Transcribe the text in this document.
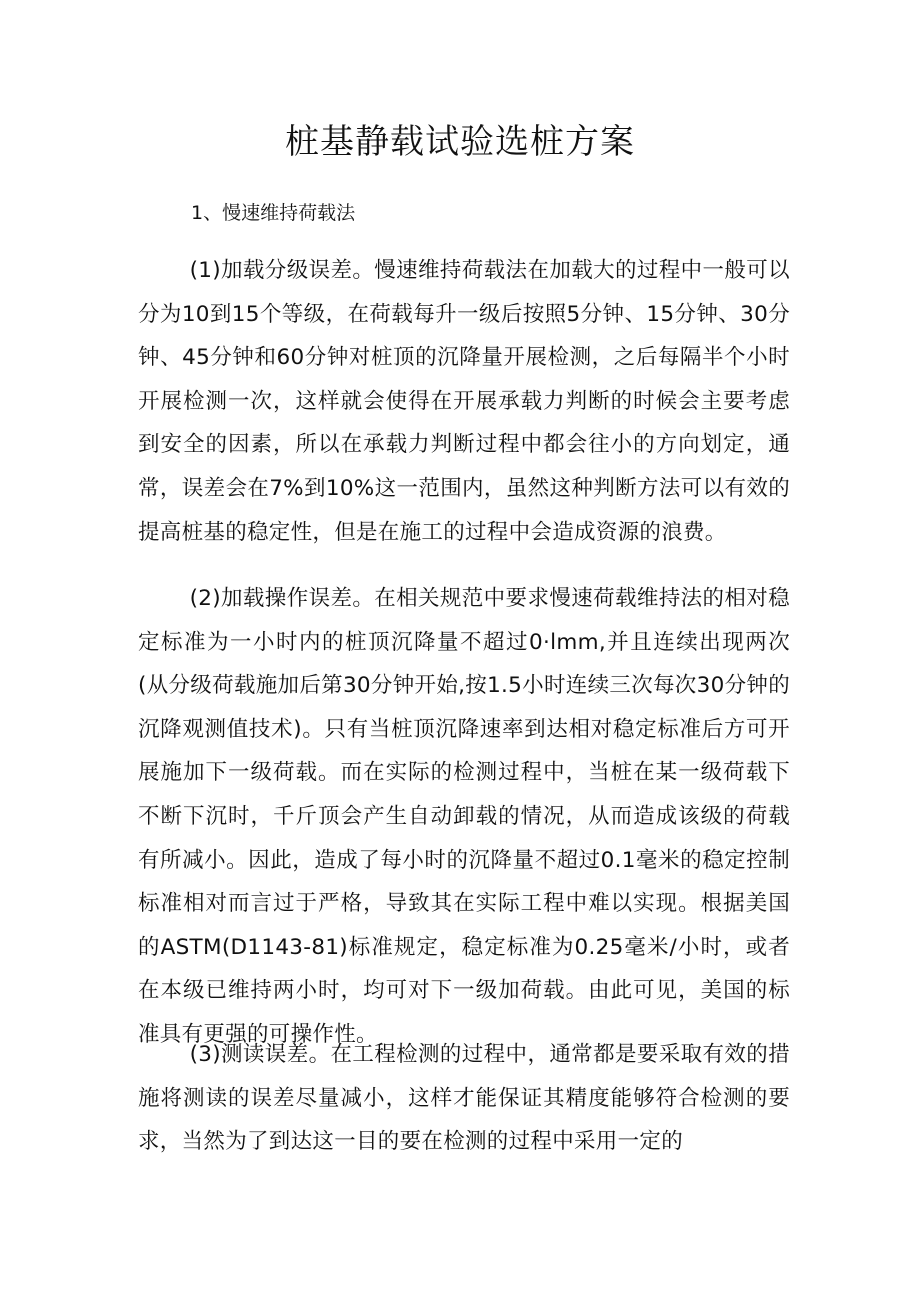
桩基静载试验选桩方案

1、慢速维持荷载法

(1)加载分级误差。慢速维持荷载法在加载大的过程中一般可以分为10到15个等级，在荷载每升一级后按照5分钟、15分钟、30分钟、45分钟和60分钟对桩顶的沉降量开展检测，之后每隔半个小时开展检测一次，这样就会使得在开展承载力判断的时候会主要考虑到安全的因素，所以在承载力判断过程中都会往小的方向划定，通常，误差会在7%到10%这一范围内，虽然这种判断方法可以有效的提高桩基的稳定性，但是在施工的过程中会造成资源的浪费。

(2)加载操作误差。在相关规范中要求慢速荷载维持法的相对稳定标准为一小时内的桩顶沉降量不超过0·lmm,并且连续出现两次(从分级荷载施加后第30分钟开始,按1.5小时连续三次每次30分钟的沉降观测值技术)。只有当桩顶沉降速率到达相对稳定标准后方可开展施加下一级荷载。而在实际的检测过程中，当桩在某一级荷载下不断下沉时，千斤顶会产生自动卸载的情况，从而造成该级的荷载有所减小。因此，造成了每小时的沉降量不超过0.1毫米的稳定控制标准相对而言过于严格，导致其在实际工程中难以实现。根据美国的ASTM(D1143-81)标准规定，稳定标准为0.25毫米/小时，或者在本级已维持两小时，均可对下一级加荷载。由此可见，美国的标准具有更强的可操作性。

(3)测读误差。在工程检测的过程中，通常都是要采取有效的措施将测读的误差尽量减小，这样才能保证其精度能够符合检测的要求，当然为了到达这一目的要在检测的过程中采用一定的
